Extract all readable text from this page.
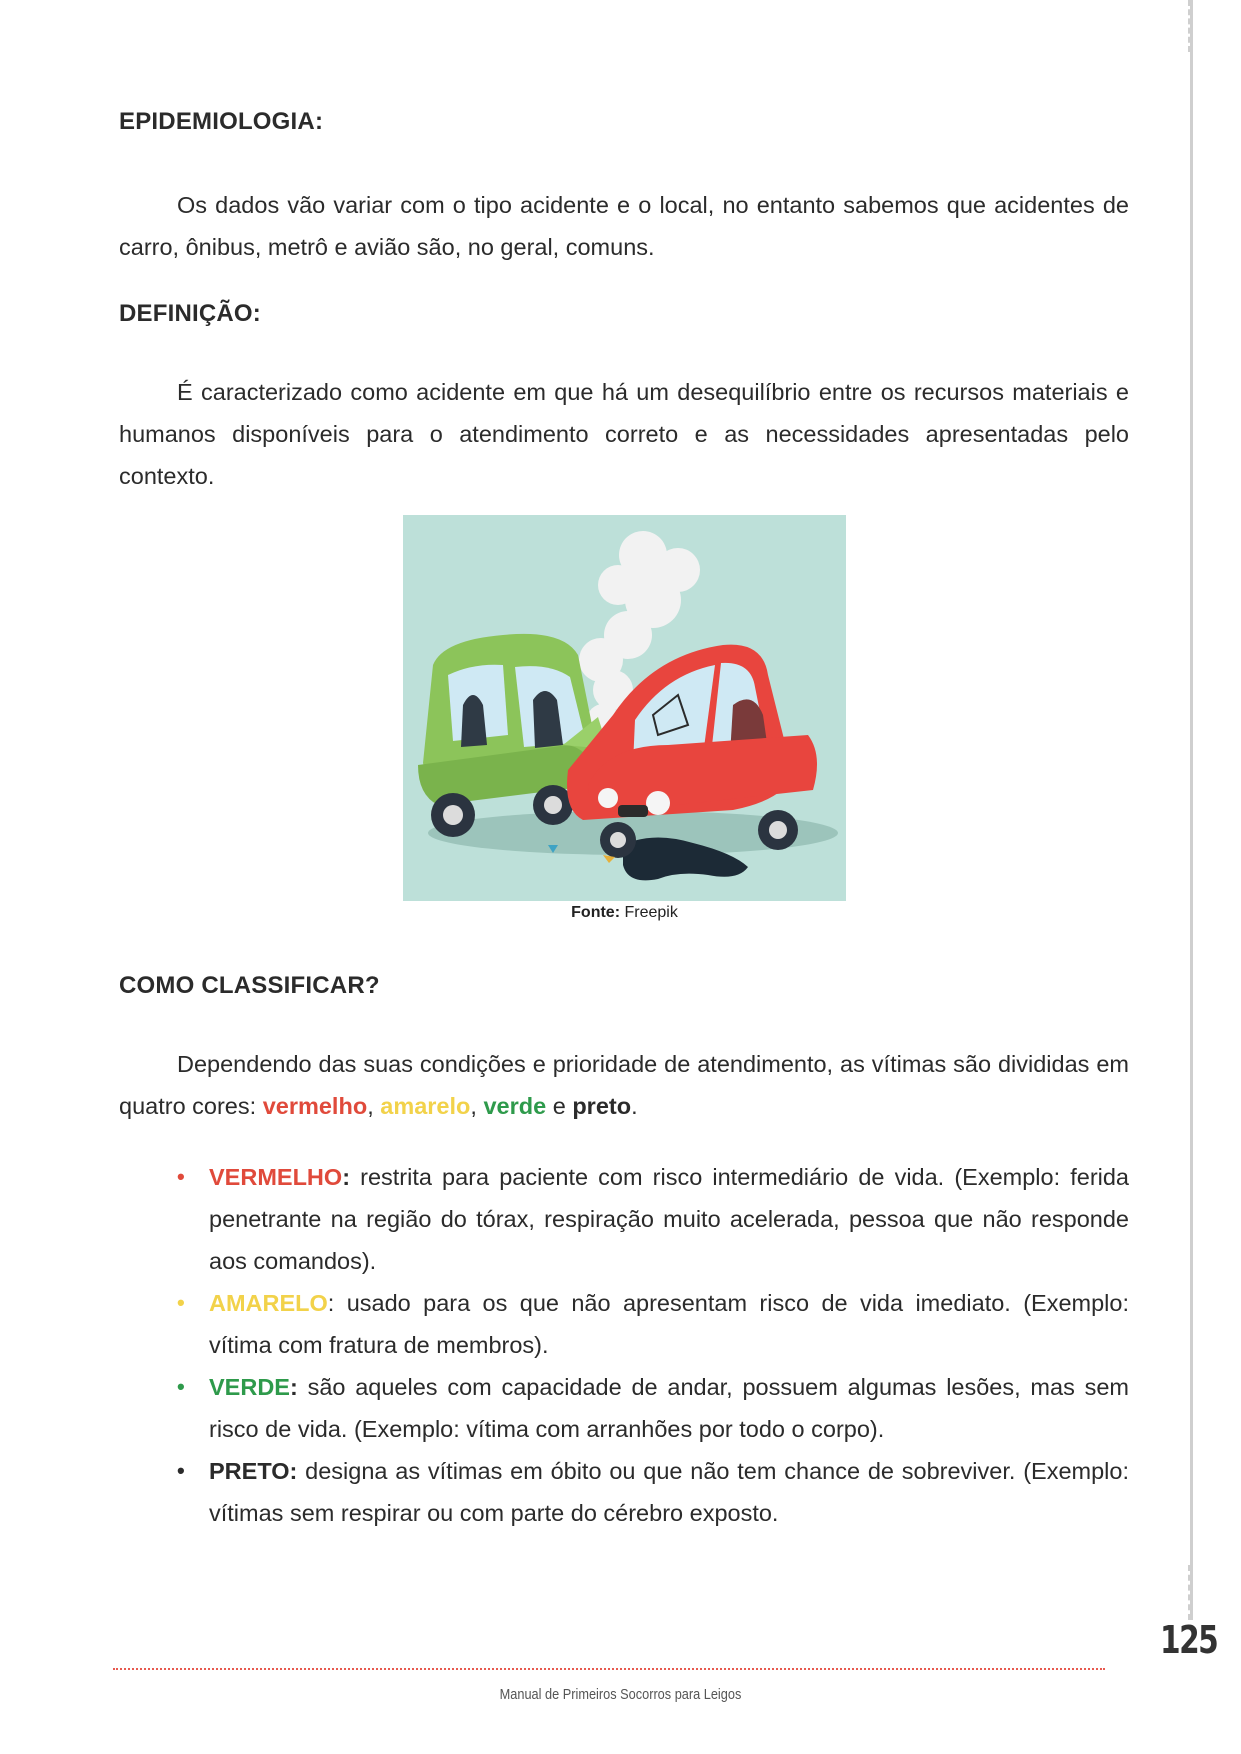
EPIDEMIOLOGIA:

Os dados vão variar com o tipo acidente e o local, no entanto sabemos que acidentes de carro, ônibus, metrô e avião são, no geral, comuns.

DEFINIÇÃO:

É caracterizado como acidente em que há um desequilíbrio entre os recursos materiais e humanos disponíveis para o atendimento correto e as necessidades apresentadas pelo contexto.

COMO CLASSIFICAR?

Dependendo das suas condições e prioridade de atendimento, as vítimas são divididas em quatro cores: vermelho, amarelo, verde e preto.

• VERMELHO: restrita para paciente com risco intermediário de vida. (Exemplo: ferida penetrante na região do tórax, respiração muito acelerada, pessoa que não responde aos comandos).
• AMARELO: usado para os que não apresentam risco de vida imediato. (Exemplo: vítima com fratura de membros).
• VERDE: são aqueles com capacidade de andar, possuem algumas lesões, mas sem risco de vida. (Exemplo: vítima com arranhões por todo o corpo).
• PRETO: designa as vítimas em óbito ou que não tem chance de sobreviver. (Exemplo: vítimas sem respirar ou com parte do cérebro exposto.
Fonte: Freepik
125
Manual de Primeiros Socorros para Leigos
